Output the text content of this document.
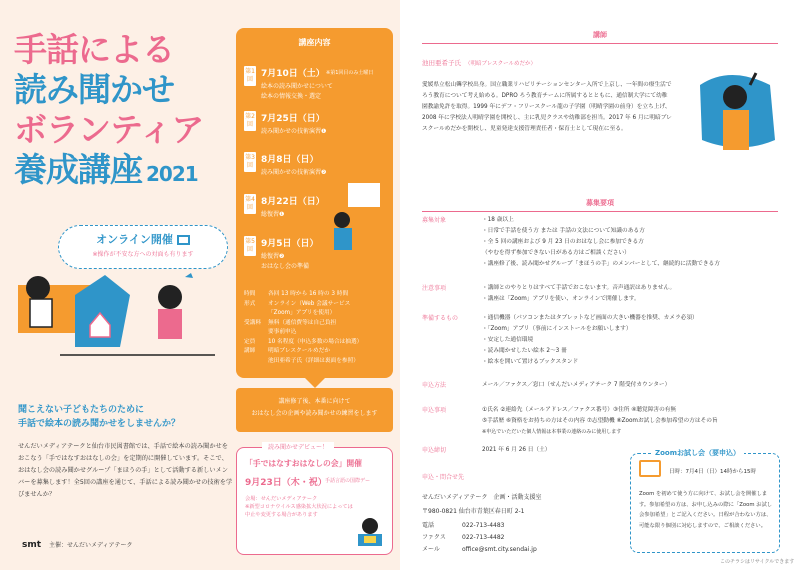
手話による
読み聞かせ
ボランティア
養成講座 2021
オンライン開催
※操作が不安な方への対面も有ります
聞こえない子どもたちのために
手話で絵本の読み聞かせをしませんか？
せんだいメディアテークと仙台市民図書館では、手話で絵本の読み聞かせをおこなう「手ではなすおはなしの会」を定期的に開催しています。そこで、おはなし会の読み聞かせグループ「まほうの手」として活動する新しいメンバーを募集します！全5回の講座を通じて、手話による読み聞かせの技術を学びませんか？
smt 主催：せんだいメディアテーク
講座内容
第1回
7月10日（土） ※第1回目のみ土曜日
絵本の読み聞かせについて
絵本の情報交換・選定
第2回
7月25日（日）
読み聞かせの技術演習❶
第3回
8月8日（日）
読み聞かせの技術演習❷
第4回
8月22日（日）
総復習❶
第5回
9月5日（日）
総復習❷
おはなし会の準備
時間	各回 13 時から 16 時の 3 時間
形式	オンライン（Web 会議サービス
「Zoom」アプリを使用）
受講料	無料（通信費等は自己負担
要事前申込
定員	10 名程度（申込多数の場合は抽選）
講師	明暗ブレスクールめだか
池田亜希子氏（詳細は裏面を参照）
講座修了後、本番に向けて
おはなし会の企画や読み聞かせの練習をします
読み聞かせデビュー！
「手ではなすおはなしの会」開催
9月23日（木・祝）
手話言語の国際デー
会場：せんだいメディアテーク
※新型コロナウイルス感染拡大状況によっては
中止や変更する場合があります
講師
池田亜希子氏 （明暗ブレスクールめだか）
愛媛県立松山聾学校出身。国立職業リハビリテーションセンター入所で上京し、一年間の療生活でろう教育について考え始める。DPRO ろう教育チームに所属するとともに、通信制大学にて幼稚園教諭免許を取得。1999 年にデフ・フリースクール龍の子学園（明晴学園の前身）を立ち上げ、2008 年に学校法人明晴学園を開校し、主に乳児クラスや幼稚部を担当。2017 年 6 月に明暗ブレスクールめだかを開校し、児童発達支援管理責任者・保育士として現在に至る。
募集要項
募集対象	・18 歳以上
・日常で手話を使う方 または 手話の文法について知識のある方
・全 5 回の講座および 9 月 23 日のおはなし会に参加できる方
（やむを得ず参加できない日がある方はご相談ください）
・講座修了後、読み聞かせグループ「まほうの手」のメンバーとして、継続的に活動できる方
注意事項	・講師とのやりとりはすべて手話でおこないます。音声通訳はありません。
・講座は「Zoom」アプリを使い、オンラインで開催します。
準備するもの	・通信機器（パソコンまたはタブレットなど画面の大きい機器を推奨、カメラ必須）
・「Zoom」アプリ（事前にインストールをお願いします）
・安定した通信環境
・読み聞かせしたい絵本 2〜3 冊
・絵本を開いて置けるブックスタンド
申込方法	メール／ファクス／窓口（せんだいメディアテーク 7 階受付カウンター）
申込事項	①氏名 ②連絡先（メールアドレス／ファクス番号）③住所 ④聴覚障害の有無
⑤手話歴 ⑥資格をお持ちの方はその内容 ⑦志望動機 ⑧Zoomお試し会参加希望の方はその旨
※申込でいただいた個人情報は本事業の連絡のみに使用します
申込締切	2021 年 6 月 26 日（土）
申込・問合せ先
せんだいメディアテーク　企画・活動支援室
〒980-0821 仙台市青葉区春日町 2-1
電話	022-713-4483
ファクス	022-713-4482
メール	office@smt.city.sendai.jp
Zoomお試し会（要申込）
日時：7月4日（日）14時から15時
Zoom を初めて使う方に向けて、お試し会を開催します。参加希望の方は、お申し込みの際に「Zoom お試し会参加希望」とご記入ください。日程が合わない方は、可能な限り個別に対応しますので、ご相談ください。
このチラシはリサイクルできます
